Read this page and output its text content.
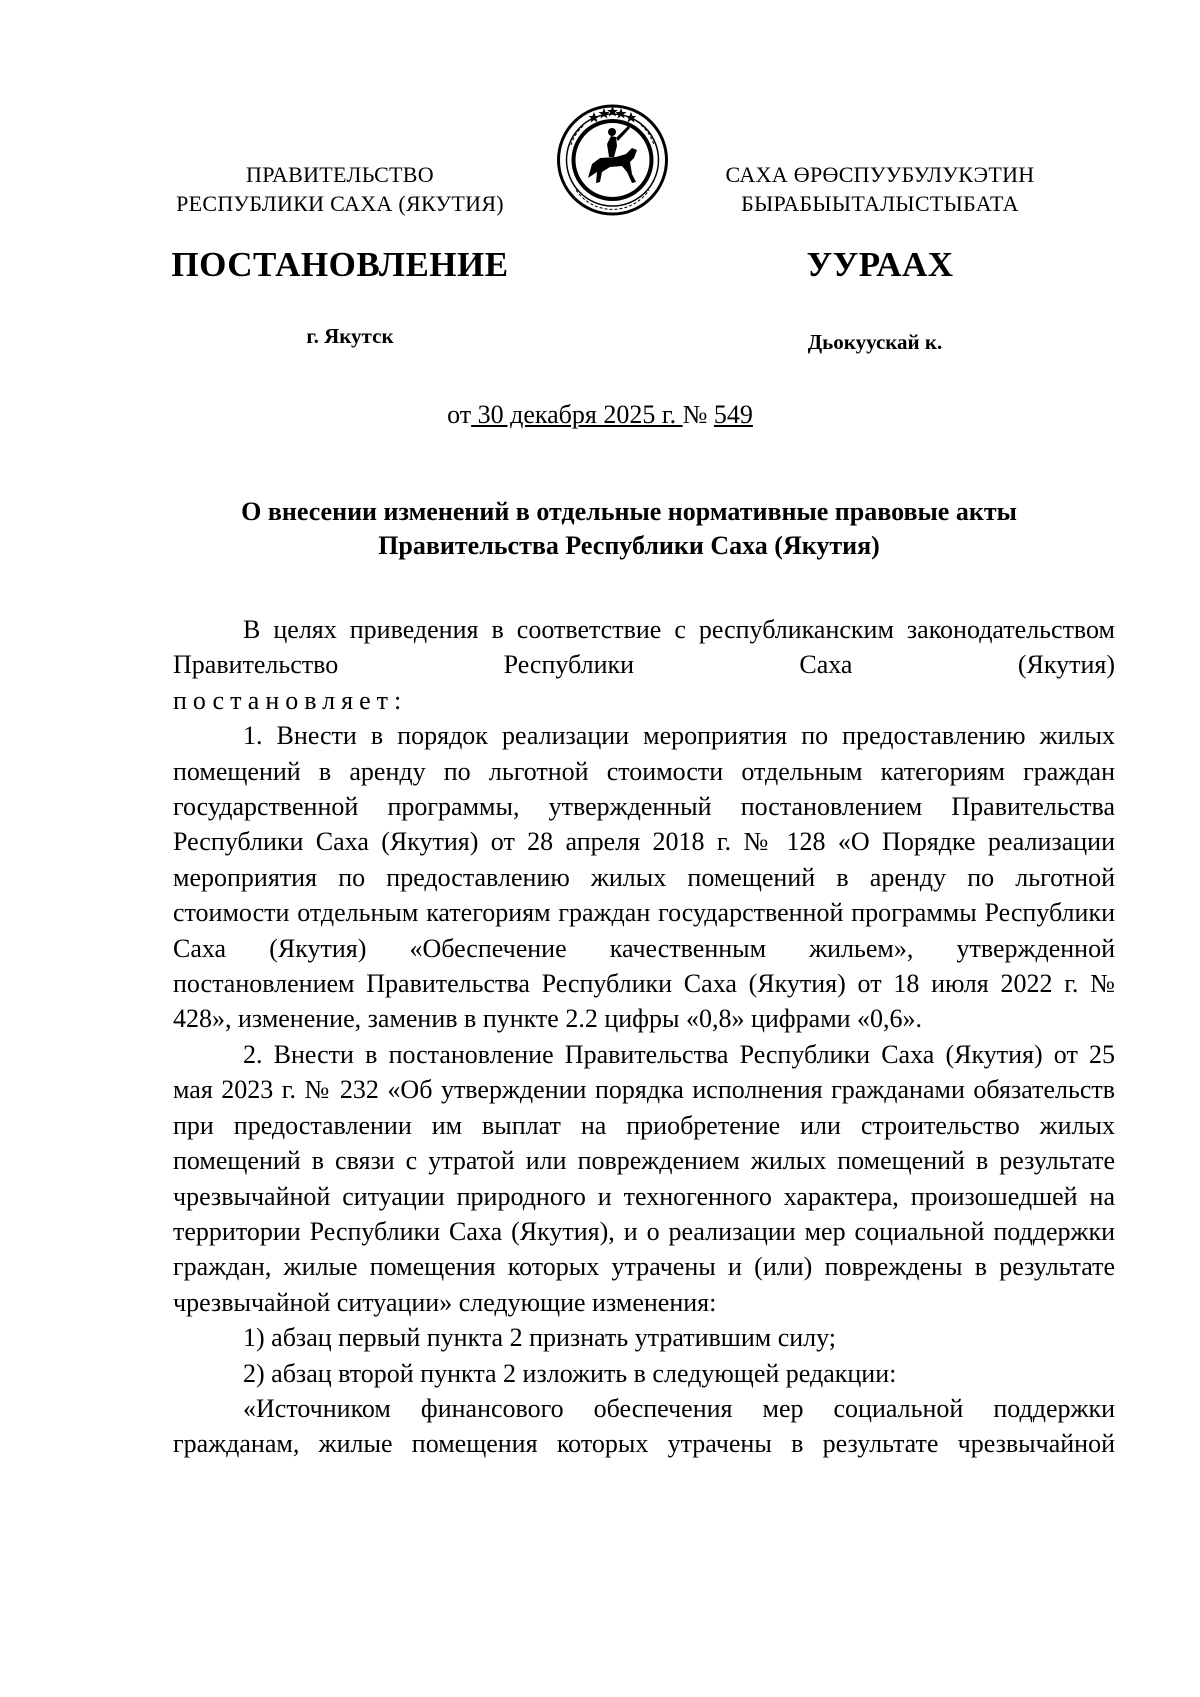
ПРАВИТЕЛЬСТВО
РЕСПУБЛИКИ САХА (ЯКУТИЯ)
САХА ӨРӨСПУУБУЛУКЭТИН
БЫРАБЫЫТАЛЫСТЫБАТА
ПОСТАНОВЛЕНИЕ	УУРААХ
г. Якутск	Дьокуускай к.
от 30 декабря 2025 г. № 549
О внесении изменений в отдельные нормативные правовые акты
Правительства Республики Саха (Якутия)

В целях приведения в соответствие с республиканским законодательством Правительство Республики Саха (Якутия)

постановляет:

1. Внести в порядок реализации мероприятия по предоставлению жилых помещений в аренду по льготной стоимости отдельным категориям граждан государственной программы, утвержденный постановлением Правительства Республики Саха (Якутия) от 28 апреля 2018 г. № 128 «О Порядке реализации мероприятия по предоставлению жилых помещений в аренду по льготной стоимости отдельным категориям граждан государственной программы Республики Саха (Якутия) «Обеспечение качественным жильем», утвержденной постановлением Правительства Республики Саха (Якутия) от 18 июля 2022 г. № 428», изменение, заменив в пункте 2.2 цифры «0,8» цифрами «0,6».

2. Внести в постановление Правительства Республики Саха (Якутия) от 25 мая 2023 г. № 232 «Об утверждении порядка исполнения гражданами обязательств при предоставлении им выплат на приобретение или строительство жилых помещений в связи с утратой или повреждением жилых помещений в результате чрезвычайной ситуации природного и техногенного характера, произошедшей на территории Республики Саха (Якутия), и о реализации мер социальной поддержки граждан, жилые помещения которых утрачены и (или) повреждены в результате чрезвычайной ситуации» следующие изменения:

1) абзац первый пункта 2 признать утратившим силу;

2) абзац второй пункта 2 изложить в следующей редакции:

«Источником финансового обеспечения мер социальной поддержки гражданам, жилые помещения которых утрачены в результате чрезвычайной
